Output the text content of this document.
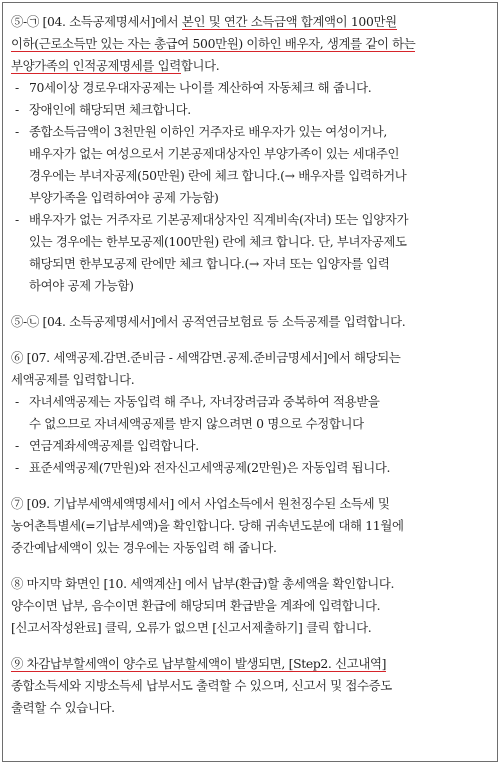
⑤-㉠ [04. 소득공제명세서]에서 본인 및 연간 소득금액 합계액이 100만원

이하(근로소득만 있는 자는 총급여 500만원) 이하인 배우자, 생계를 같이 하는

부양가족의 인적공제명세를 입력합니다.

- 70세이상 경로우대자공제는 나이를 계산하여 자동체크 해 줍니다.
- 장애인에 해당되면 체크합니다.
- 종합소득금액이 3천만원 이하인 거주자로 배우자가 있는 여성이거나,
배우자가 없는 여성으로서 기본공제대상자인 부양가족이 있는 세대주인
경우에는 부녀자공제(50만원) 란에 체크 합니다.(→ 배우자를 입력하거나
부양가족을 입력하여야 공제 가능함)
- 배우자가 없는 거주자로 기본공제대상자인 직계비속(자녀) 또는 입양자가
있는 경우에는 한부모공제(100만원) 란에 체크 합니다. 단, 부녀자공제도
해당되면 한부모공제 란에만 체크 합니다.(→ 자녀 또는 입양자를 입력
하여야 공제 가능함)

⑤-㉡ [04. 소득공제명세서]에서 공적연금보험료 등 소득공제를 입력합니다.

⑥ [07. 세액공제.감면.준비금 - 세액감면.공제.준비금명세서]에서 해당되는

세액공제를 입력합니다.

- 자녀세액공제는 자동입력 해 주나, 자녀장려금과 중복하여 적용받을
수 없으므로 자녀세액공제를 받지 않으려면 0 명으로 수정합니다
- 연금계좌세액공제를 입력합니다.
- 표준세액공제(7만원)와 전자신고세액공제(2만원)은 자동입력 됩니다.

⑦ [09. 기납부세액세액명세서] 에서 사업소득에서 원천징수된 소득세 및

농어촌특별세(=기납부세액)을 확인합니다. 당해 귀속년도분에 대해 11월에

중간예납세액이 있는 경우에는 자동입력 해 줍니다.

⑧ 마지막 화면인 [10. 세액계산] 에서 납부(환급)할 총세액을 확인합니다.

양수이면 납부, 음수이면 환급에 해당되며 환급받을 계좌에 입력합니다.

[신고서작성완료] 클릭, 오류가 없으면 [신고서제출하기] 클릭 합니다.

⑨ 차감납부할세액이 양수로 납부할세액이 발생되면, [Step2. 신고내역]

종합소득세와 지방소득세 납부서도 출력할 수 있으며, 신고서 및 접수증도

출력할 수 있습니다.
